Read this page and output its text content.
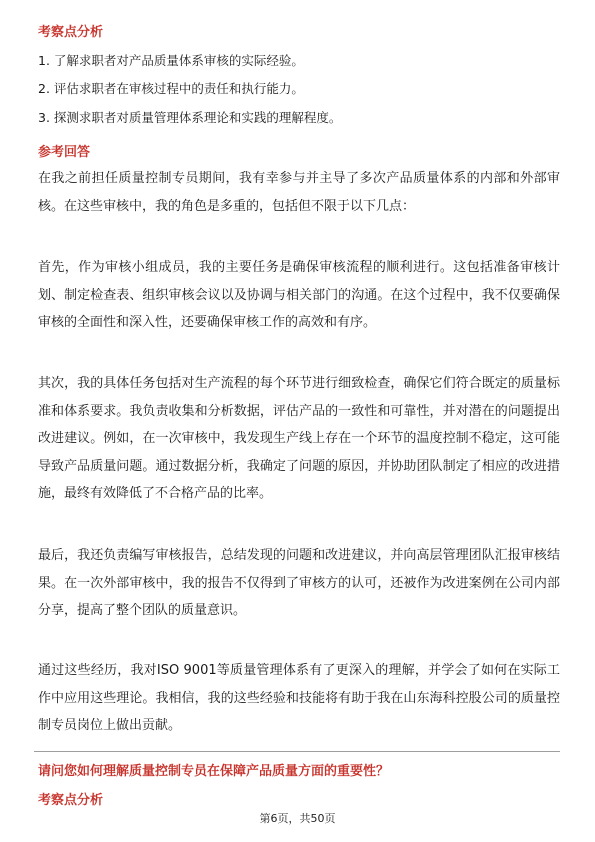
考察点分析

1. 了解求职者对产品质量体系审核的实际经验。

2. 评估求职者在审核过程中的责任和执行能力。

3. 探测求职者对质量管理体系理论和实践的理解程度。

参考回答

在我之前担任质量控制专员期间，我有幸参与并主导了多次产品质量体系的内部和外部审核。在这些审核中，我的角色是多重的，包括但不限于以下几点：

首先，作为审核小组成员，我的主要任务是确保审核流程的顺利进行。这包括准备审核计划、制定检查表、组织审核会议以及协调与相关部门的沟通。在这个过程中，我不仅要确保审核的全面性和深入性，还要确保审核工作的高效和有序。

其次，我的具体任务包括对生产流程的每个环节进行细致检查，确保它们符合既定的质量标准和体系要求。我负责收集和分析数据，评估产品的一致性和可靠性，并对潜在的问题提出改进建议。例如，在一次审核中，我发现生产线上存在一个环节的温度控制不稳定，这可能导致产品质量问题。通过数据分析，我确定了问题的原因，并协助团队制定了相应的改进措施，最终有效降低了不合格产品的比率。

最后，我还负责编写审核报告，总结发现的问题和改进建议，并向高层管理团队汇报审核结果。在一次外部审核中，我的报告不仅得到了审核方的认可，还被作为改进案例在公司内部分享，提高了整个团队的质量意识。

通过这些经历，我对ISO 9001等质量管理体系有了更深入的理解，并学会了如何在实际工作中应用这些理论。我相信，我的这些经验和技能将有助于我在山东海科控股公司的质量控制专员岗位上做出贡献。

请问您如何理解质量控制专员在保障产品质量方面的重要性？
考察点分析
第6页，共50页
